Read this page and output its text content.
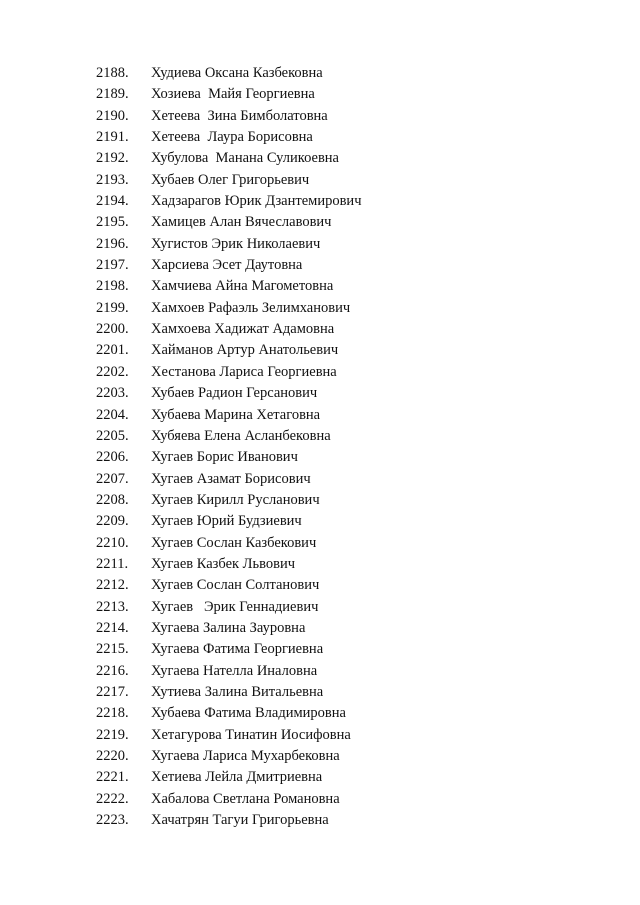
2188. Худиева Оксана Казбековна
2189. Хозиева  Майя Георгиевна
2190. Хетеева  Зина Бимболатовна
2191. Хетеева  Лаура Борисовна
2192. Хубулова  Манана Суликоевна
2193. Хубаев Олег Григорьевич
2194. Хадзарагов Юрик Дзантемирович
2195. Хамицев Алан Вячеславович
2196. Хугистов Эрик Николаевич
2197. Харсиева Эсет Даутовна
2198. Хамчиева Айна Магометовна
2199. Хамхоев Рафаэль Зелимханович
2200. Хамхоева Хадижат Адамовна
2201. Хайманов Артур Анатольевич
2202. Хестанова Лариса Георгиевна
2203. Хубаев Радион Герсанович
2204. Хубаева Марина Хетаговна
2205. Хубяева Елена Асланбековна
2206. Хугаев Борис Иванович
2207. Хугаев Азамат Борисович
2208. Хугаев Кирилл Русланович
2209. Хугаев Юрий Будзиевич
2210. Хугаев Сослан Казбекович
2211. Хугаев Казбек Львович
2212. Хугаев Сослан Солтанович
2213. Хугаев   Эрик Геннадиевич
2214. Хугаева Залина Зауровна
2215. Хугаева Фатима Георгиевна
2216. Хугаева Нателла Иналовна
2217. Хутиева Залина Витальевна
2218. Хубаева Фатима Владимировна
2219. Хетагурова Тинатин Иосифовна
2220. Хугаева Лариса Мухарбековна
2221. Хетиева Лейла Дмитриевна
2222. Хабалова Светлана Романовна
2223. Хачатрян Тагуи Григорьевна
